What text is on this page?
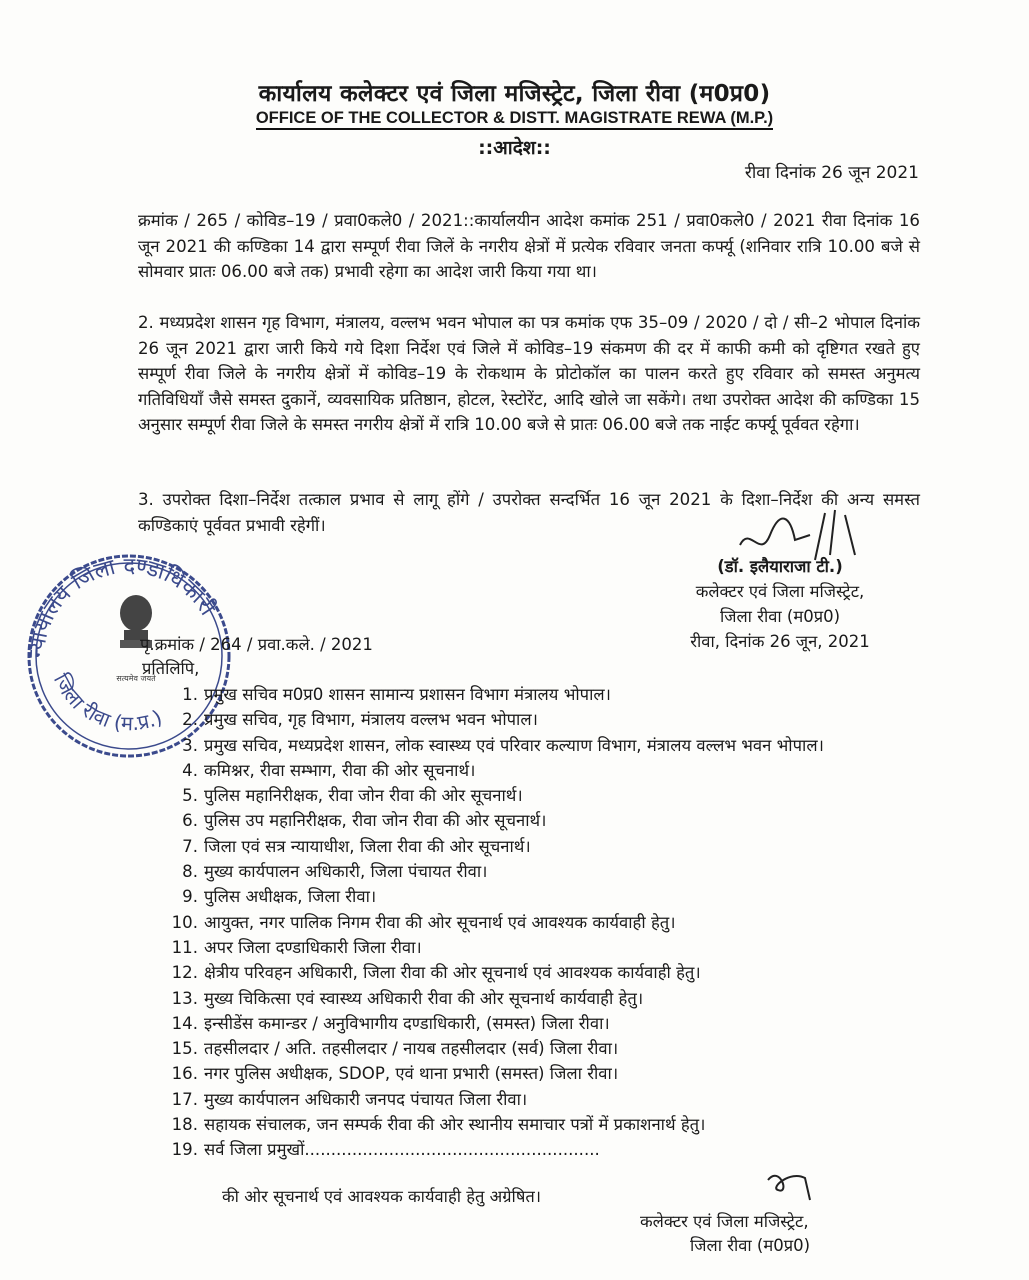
कार्यालय कलेक्टर एवं जिला मजिस्ट्रेट, जिला रीवा (म0प्र0)
OFFICE OF THE COLLECTOR & DISTT. MAGISTRATE REWA (M.P.)
::आदेश::
रीवा दिनांक 26 जून 2021
क्रमांक / 265 / कोविड–19 / प्रवा0कले0 / 2021::कार्यालयीन आदेश कमांक 251 / प्रवा0कले0 / 2021 रीवा दिनांक 16 जून 2021 की कण्डिका 14 द्वारा सम्पूर्ण रीवा जिलें के नगरीय क्षेत्रों में प्रत्येक रविवार जनता कर्फ्यू (शनिवार रात्रि 10.00 बजे से सोमवार प्रातः 06.00 बजे तक) प्रभावी रहेगा का आदेश जारी किया गया था।
2. मध्यप्रदेश शासन गृह विभाग, मंत्रालय, वल्लभ भवन भोपाल का पत्र कमांक एफ 35–09 / 2020 / दो / सी–2 भोपाल दिनांक 26 जून 2021 द्वारा जारी किये गये दिशा निर्देश एवं जिले में कोविड–19 संकमण की दर में काफी कमी को दृष्टिगत रखते हुए सम्पूर्ण रीवा जिले के नगरीय क्षेत्रों में कोविड–19 के रोकथाम के प्रोटोकॉल का पालन करते हुए रविवार को समस्त अनुमत्य गतिविधियाँ जैसे समस्त दुकानें, व्यवसायिक प्रतिष्ठान, होटल, रेस्टोरेंट, आदि खोले जा सकेंगे। तथा उपरोक्त आदेश की कण्डिका 15 अनुसार सम्पूर्ण रीवा जिले के समस्त नगरीय क्षेत्रों में रात्रि 10.00 बजे से प्रातः 06.00 बजे तक नाईट कर्फ्यू पूर्ववत रहेगा।
3. उपरोक्त दिशा–निर्देश तत्काल प्रभाव से लागू होंगे / उपरोक्त सन्दर्भित 16 जून 2021 के दिशा–निर्देश की अन्य समस्त कण्डिकाएं पूर्ववत प्रभावी रहेगीं।
(डॉ. इलैयाराजा टी.)
कलेक्टर एवं जिला मजिस्ट्रेट,
जिला रीवा (म0प्र0)
रीवा, दिनांक 26 जून, 2021
न्यायालय जिला दण्डाधिकारी
जिला रीवा (म.प्र.)
सत्यमेव जयते
पृ.क्रमांक / 264 / प्रवा.कले. / 2021
प्रतिलिपि,
1. प्रमुख सचिव म0प्र0 शासन सामान्य प्रशासन विभाग मंत्रालय भोपाल।
2. प्रमुख सचिव, गृह विभाग, मंत्रालय वल्लभ भवन भोपाल।
3. प्रमुख सचिव, मध्यप्रदेश शासन, लोक स्वास्थ्य एवं परिवार कल्याण विभाग, मंत्रालय वल्लभ भवन भोपाल।
4. कमिश्नर, रीवा सम्भाग, रीवा की ओर सूचनार्थ।
5. पुलिस महानिरीक्षक, रीवा जोन रीवा की ओर सूचनार्थ।
6. पुलिस उप महानिरीक्षक, रीवा जोन रीवा की ओर सूचनार्थ।
7. जिला एवं सत्र न्यायाधीश, जिला रीवा की ओर सूचनार्थ।
8. मुख्य कार्यपालन अधिकारी, जिला पंचायत रीवा।
9. पुलिस अधीक्षक, जिला रीवा।
10. आयुक्त, नगर पालिक निगम रीवा की ओर सूचनार्थ एवं आवश्यक कार्यवाही हेतु।
11. अपर जिला दण्डाधिकारी जिला रीवा।
12. क्षेत्रीय परिवहन अधिकारी, जिला रीवा की ओर सूचनार्थ एवं आवश्यक कार्यवाही हेतु।
13. मुख्य चिकित्सा एवं स्वास्थ्य अधिकारी रीवा की ओर सूचनार्थ कार्यवाही हेतु।
14. इन्सीडेंस कमान्डर / अनुविभागीय दण्डाधिकारी, (समस्त) जिला रीवा।
15. तहसीलदार / अति. तहसीलदार / नायब तहसीलदार (सर्व) जिला रीवा।
16. नगर पुलिस अधीक्षक, SDOP, एवं थाना प्रभारी (समस्त) जिला रीवा।
17. मुख्य कार्यपालन अधिकारी जनपद पंचायत जिला रीवा।
18. सहायक संचालक, जन सम्पर्क रीवा की ओर स्थानीय समाचार पत्रों में प्रकाशनार्थ हेतु।
19. सर्व जिला प्रमुखों........................................................
की ओर सूचनार्थ एवं आवश्यक कार्यवाही हेतु अग्रेषित।
कलेक्टर एवं जिला मजिस्ट्रेट,
जिला रीवा (म0प्र0)
